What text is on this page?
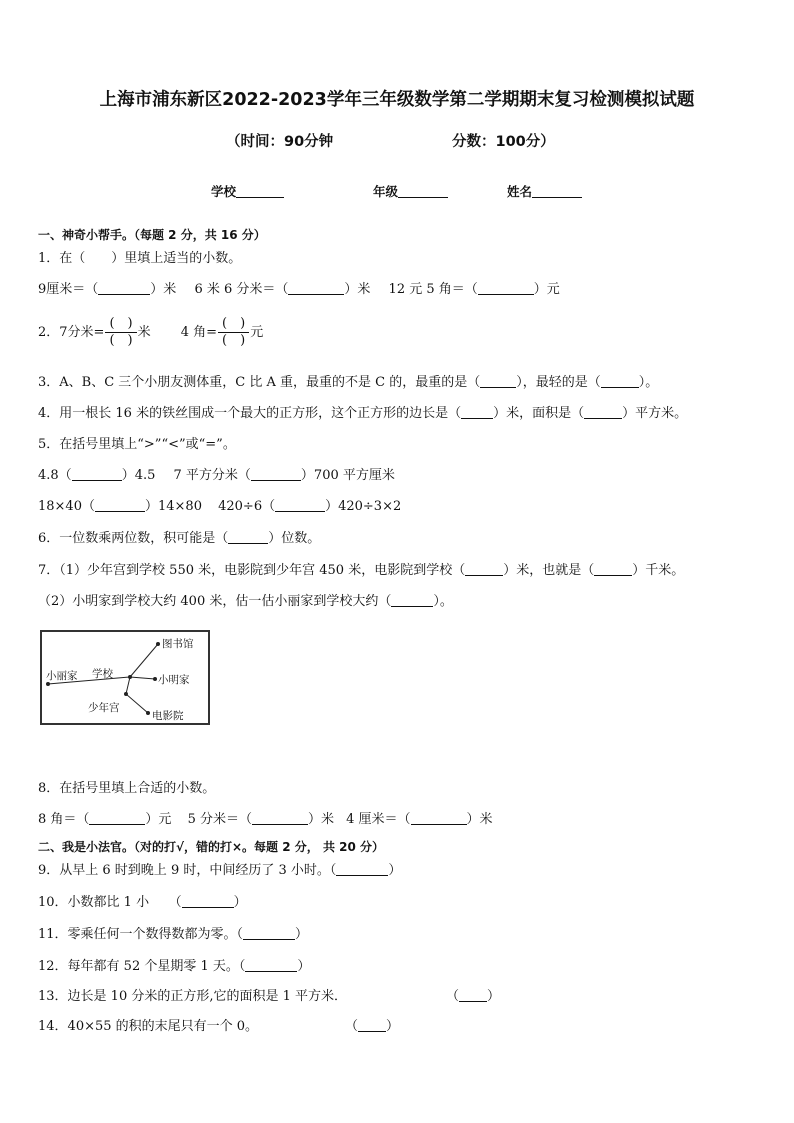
上海市浦东新区2022-2023学年三年级数学第二学期期末复习检测模拟试题
（时间：90分钟	分数：100分）
学校	年级	姓名
一、神奇小帮手。（每题 2 分，共 16 分）
1．在（　　）里填上适当的小数。
9厘米＝（	）米 6 米 6 分米＝（	）米 12 元 5 角＝（	）元
2．7分米= $\frac{( )}{( )}$ 米 4 角= $\frac{( )}{( )}$ 元
3．A、B、C 三个小朋友测体重，C 比 A 重，最重的不是 C 的，最重的是（	），最轻的是（	）。
4．用一根长 16 米的铁丝围成一个最大的正方形，这个正方形的边长是（ ）米，面积是（	）平方米。
5．在括号里填上“>”“<”或“=”。
4.8（	）4.5 7 平方分米（	）700 平方厘米
18×40（	）14×80 420÷6（	）420÷3×2
6．一位数乘两位数，积可能是（	）位数。
7．（1）少年宫到学校 550 米，电影院到少年宫 450 米，电影院到学校（	）米，也就是（	）千米。
（2）小明家到学校大约 400 米，估一估小丽家到学校大约（	）。
图书馆
小丽家 学校	小明家
少年宫
电影院
8．在括号里填上合适的小数。
8 角＝（	）元 5 分米＝（	）米 4 厘米＝（	）米
二、我是小法官。（对的打√，错的打×。每题 2 分， 共 20 分）
9．从早上 6 时到晚上 9 时，中间经历了 3 小时。（	）
10．小数都比 1 小　　（	）
11．零乘任何一个数得数都为零。（	）
12．每年都有 52 个星期零 1 天。（	）
13．边长是 10 分米的正方形,它的面积是 1 平方米．	（ ）
14．40×55 的积的末尾只有一个 0。	（ ）
